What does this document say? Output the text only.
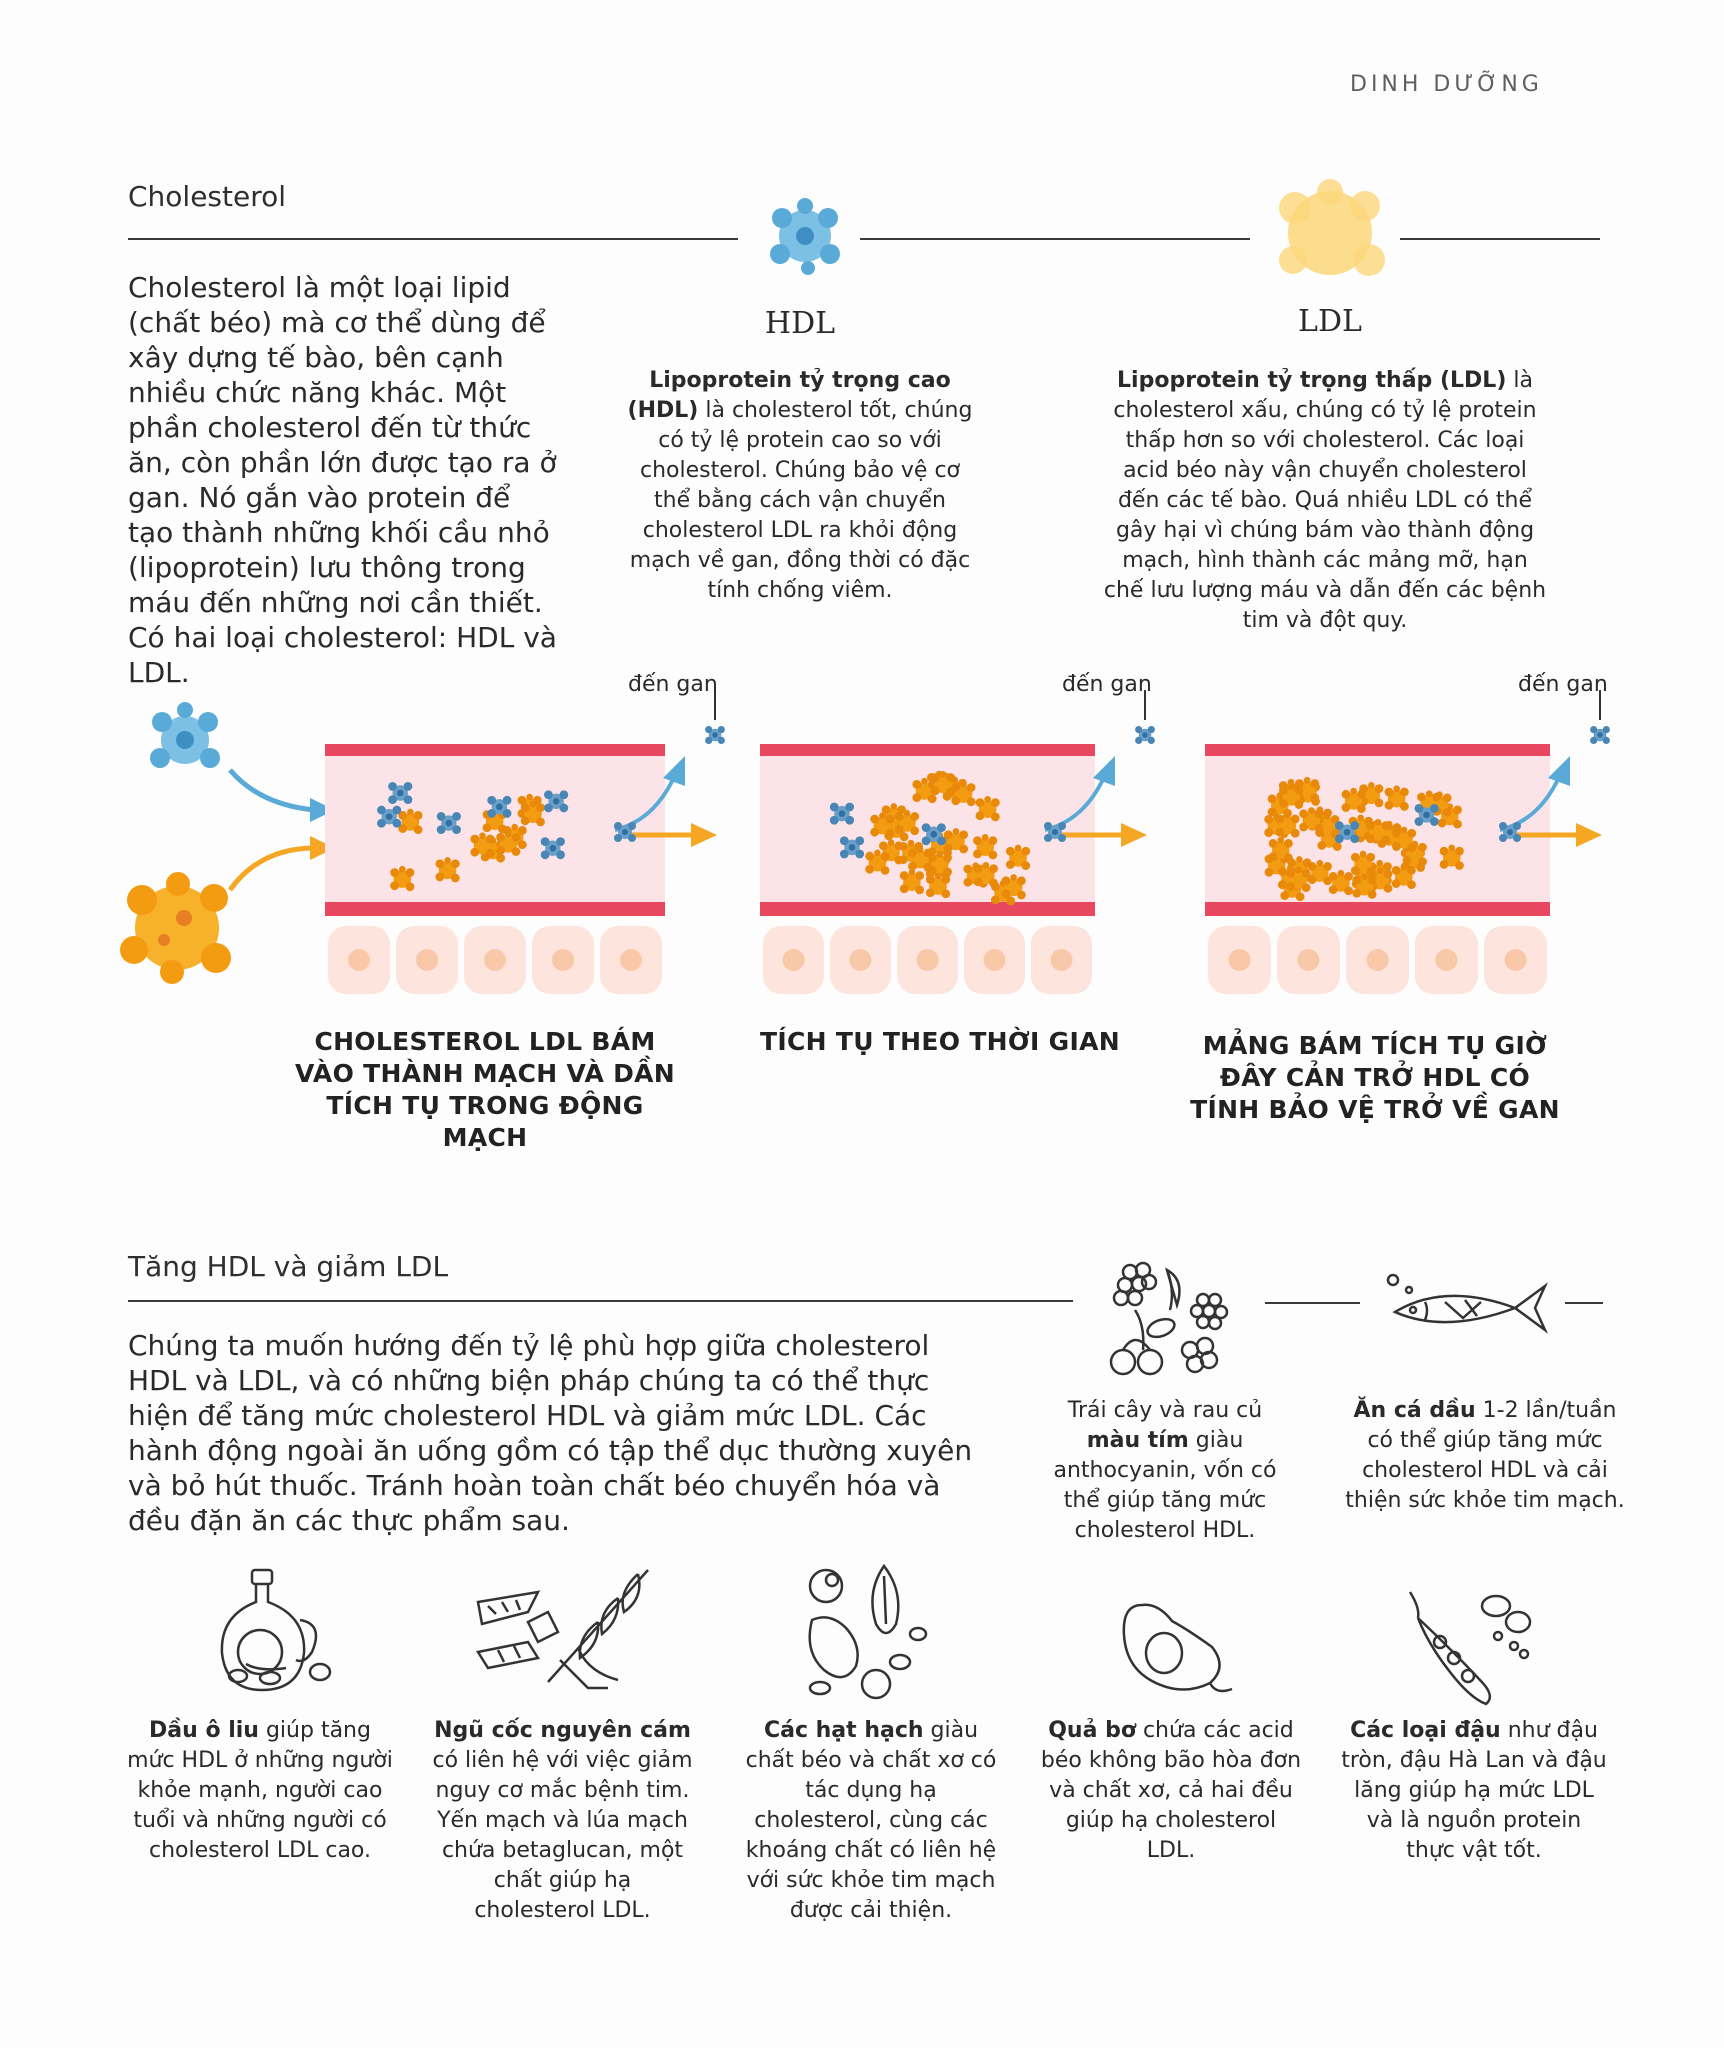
DINH DƯỠNG
Cholesterol
Cholesterol là một loại lipid (chất béo) mà cơ thể dùng để xây dựng tế bào, bên cạnh nhiều chức năng khác. Một phần cholesterol đến từ thức ăn, còn phần lớn được tạo ra ở gan. Nó gắn vào protein để tạo thành những khối cầu nhỏ (lipoprotein) lưu thông trong máu đến những nơi cần thiết. Có hai loại cholesterol: HDL và LDL.
HDL	LDL
Lipoprotein tỷ trọng cao (HDL) là cholesterol tốt, chúng có tỷ lệ protein cao so với cholesterol. Chúng bảo vệ cơ thể bằng cách vận chuyển cholesterol LDL ra khỏi động mạch về gan, đồng thời có đặc tính chống viêm.
Lipoprotein tỷ trọng thấp (LDL) là cholesterol xấu, chúng có tỷ lệ protein thấp hơn so với cholesterol. Các loại acid béo này vận chuyển cholesterol đến các tế bào. Quá nhiều LDL có thể gây hại vì chúng bám vào thành động mạch, hình thành các mảng mỡ, hạn chế lưu lượng máu và dẫn đến các bệnh tim và đột quy.
đến gan	đến gan	đến gan
CHOLESTEROL LDL BÁM VÀO THÀNH MẠCH VÀ DẦN TÍCH TỤ TRONG ĐỘNG MẠCH
TÍCH TỤ THEO THỜI GIAN	MẢNG BÁM TÍCH TỤ GIỜ ĐÂY CẢN TRỞ HDL CÓ TÍNH BẢO VỆ TRỞ VỀ GAN
Tăng HDL và giảm LDL
Chúng ta muốn hướng đến tỷ lệ phù hợp giữa cholesterol HDL và LDL, và có những biện pháp chúng ta có thể thực hiện để tăng mức cholesterol HDL và giảm mức LDL. Các hành động ngoài ăn uống gồm có tập thể dục thường xuyên và bỏ hút thuốc. Tránh hoàn toàn chất béo chuyển hóa và đều đặn ăn các thực phẩm sau.
Trái cây và rau củ màu tím giàu anthocyanin, vốn có thể giúp tăng mức cholesterol HDL.
Ăn cá dầu 1-2 lần/tuần có thể giúp tăng mức cholesterol HDL và cải thiện sức khỏe tim mạch.
Dầu ô liu giúp tăng mức HDL ở những người khỏe mạnh, người cao tuổi và những người có cholesterol LDL cao.
Ngũ cốc nguyên cám có liên hệ với việc giảm nguy cơ mắc bệnh tim. Yến mạch và lúa mạch chứa betaglucan, một chất giúp hạ cholesterol LDL.
Các hạt hạch giàu chất béo và chất xơ có tác dụng hạ cholesterol, cùng các khoáng chất có liên hệ với sức khỏe tim mạch được cải thiện.
Quả bơ chứa các acid béo không bão hòa đơn và chất xơ, cả hai đều giúp hạ cholesterol LDL.
Các loại đậu như đậu tròn, đậu Hà Lan và đậu lăng giúp hạ mức LDL và là nguồn protein thực vật tốt.
